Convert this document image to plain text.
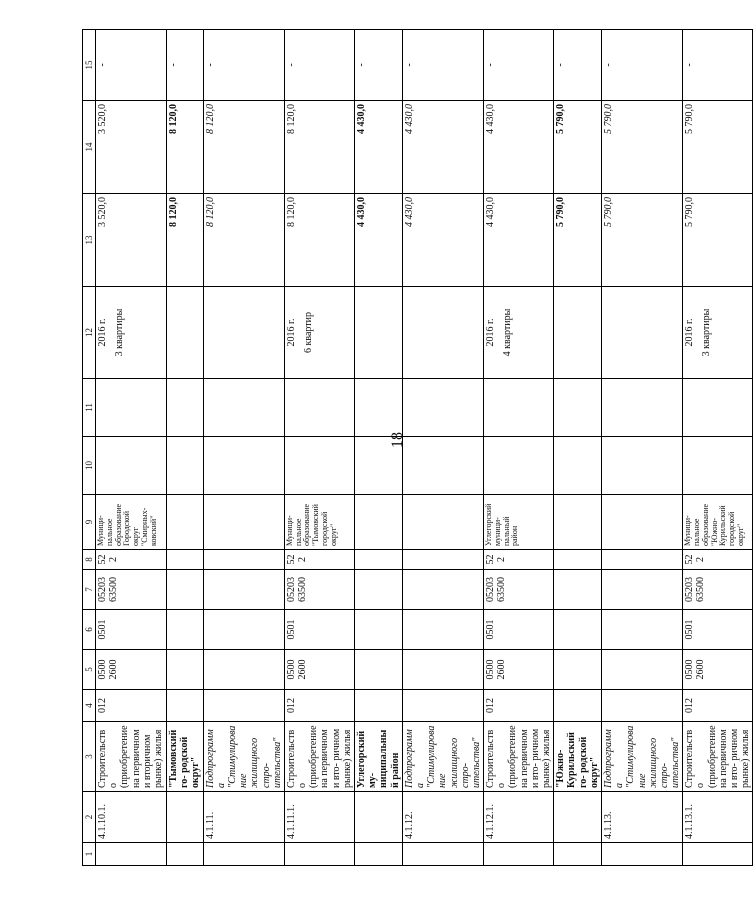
18
1	2	3	4	5	6	7	8	9	10	11	12	13	14	15
	4.1.10.1.	Строительство (приобретение на первичном и вторичном рынке) жилья	012	0500 2600	0501	05203 63500	522	Муници- пальное образование Городской округ "Смирных- ковский"			2016 г. 3 квартиры	3 520,0	3 520,0	-
		"Тымовский го- родской округ"										8 120,0	8 120,0	-
	4.1.11.	Подпрограмма "Стимулирование жилищного стро- ительства"										8 120,0	8 120,0	-
	4.1.11.1.	Строительство (приобретение на первичном и вто- ричном рынке) жилья	012	0500 2600	0501	05203 63500	522	Муници- пальное образование "Тымовский городской округ"			2016 г. 6 квартир	8 120,0	8 120,0	-
		Углегорский му- ниципальный район										4 430,0	4 430,0	-
	4.1.12.	Подпрограмма "Стимулирование жилищного стро- ительства"										4 430,0	4 430,0	-
	4.1.12.1.	Строительство (приобретение на первичном и вто- ричном рынке) жилья	012	0500 2600	0501	05203 63500	522	Углегорский муници- пальный район			2016 г. 4 квартиры	4 430,0	4 430,0	-
		"Южно- Курильский го- родской округ"										5 790,0	5 790,0	-
	4.1.13.	Подпрограмма "Стимулирование жилищного стро- ительства"										5 790,0	5 790,0	-
	4.1.13.1.	Строительство (приобретение на первичном и вто- ричном рынке) жилья	012	0500 2600	0501	05203 63500	522	Муници- пальное образование "Южно- Курильский городской округ"			2016 г. 3 квартиры	5 790,0	5 790,0	-
